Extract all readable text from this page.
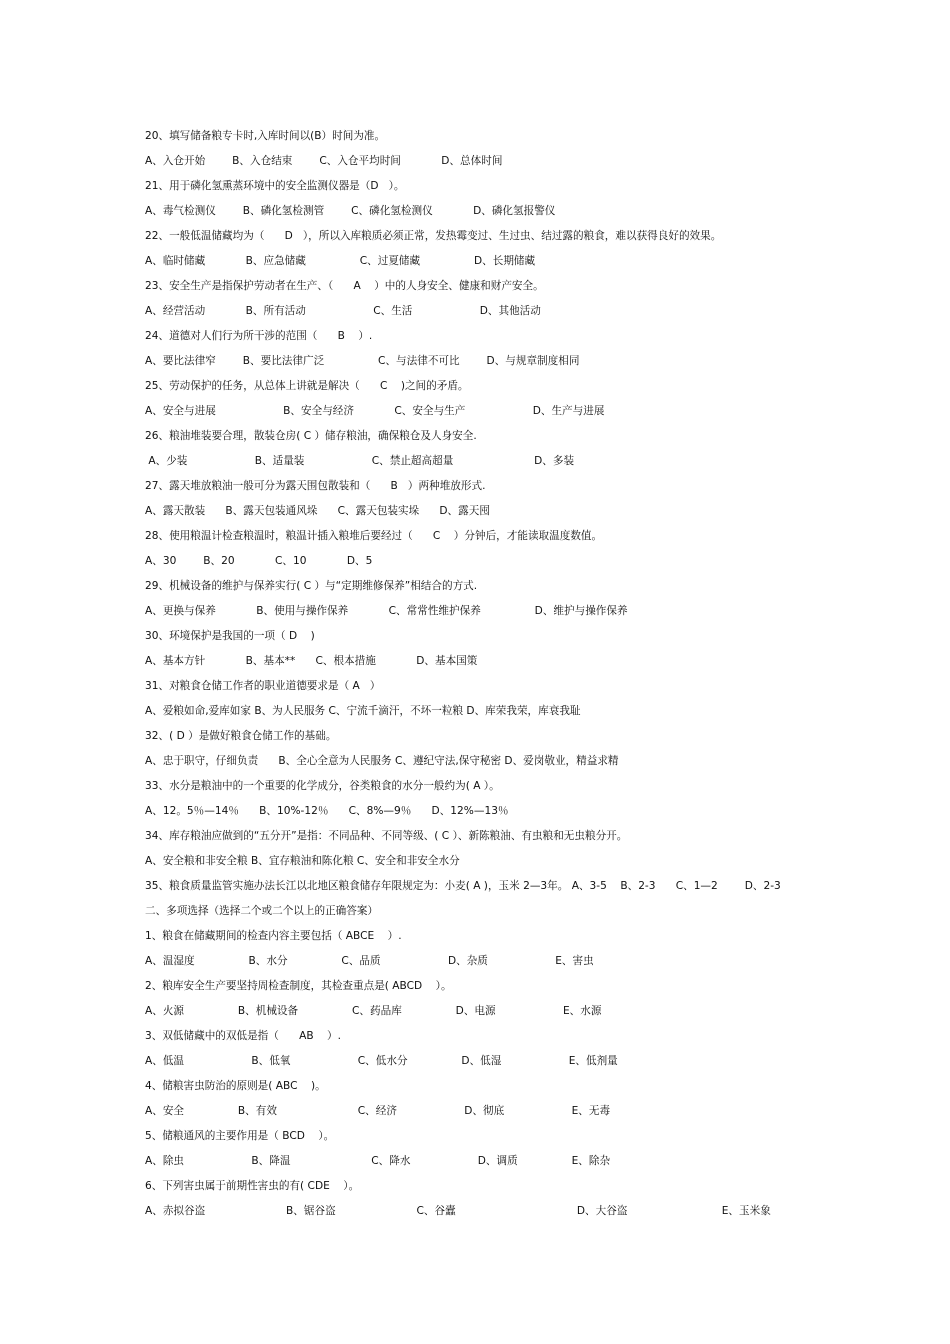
20、填写储备粮专卡时,入库时间以(B）时间为准。
A、入仓开始        B、入仓结束        C、入仓平均时间            D、总体时间
21、用于磷化氢熏蒸环境中的安全监测仪器是（D   ）。
A、毒气检测仪        B、磷化氢检测管        C、磷化氢检测仪            D、磷化氢报警仪
22、一般低温储藏均为（      D   ），所以入库粮质必须正常，发热霉变过、生过虫、结过露的粮食，难以获得良好的效果。
A、临时储藏            B、应急储藏                C、过夏储藏                D、长期储藏
23、安全生产是指保护劳动者在生产、（      A    ）中的人身安全、健康和财产安全。
A、经营活动            B、所有活动                    C、生活                    D、其他活动
24、道德对人们行为所干涉的范围（      B    ）.
A、要比法律窄        B、要比法律广泛                C、与法律不可比        D、与规章制度相同
25、劳动保护的任务，从总体上讲就是解决（      C    )之间的矛盾。
A、安全与进展                    B、安全与经济            C、安全与生产                    D、生产与进展
26、粮油堆装要合理，散装仓房( C ）储存粮油，确保粮仓及人身安全.
A、少装                    B、适量装                    C、禁止超高超量                        D、多装
27、露天堆放粮油一般可分为露天围包散装和（      B   ）两种堆放形式.
A、露天散装      B、露天包装通风垛      C、露天包装实垛      D、露天囤
28、使用粮温计检查粮温时，粮温计插入粮堆后要经过（      C    ）分钟后，才能读取温度数值。
A、30        B、20            C、10            D、5
29、机械设备的维护与保养实行( C ）与“定期维修保养”相结合的方式.
A、更换与保养            B、使用与操作保养            C、常常性维护保养                D、维护与操作保养
30、环境保护是我国的一项（ D    )
A、基本方针            B、基本**      C、根本措施            D、基本国策
31、对粮食仓储工作者的职业道德要求是（ A   ）
A、爱粮如命,爱库如家 B、为人民服务 C、宁流千滴汗，不坏一粒粮 D、库荣我荣，库衰我耻
32、( D ）是做好粮食仓储工作的基础。
A、忠于职守，仔细负责      B、全心全意为人民服务 C、遵纪守法,保守秘密 D、爱岗敬业，精益求精
33、水分是粮油中的一个重要的化学成分，谷类粮食的水分一般约为( A ）。
A、12。5％—14％      B、10%-12％      C、8%—9％      D、12%—13％
34、库存粮油应做到的“五分开”是指：不同品种、不同等级、( C ）、新陈粮油、有虫粮和无虫粮分开。
A、安全粮和非安全粮 B、宜存粮油和陈化粮 C、安全和非安全水分
35、粮食质量监管实施办法长江以北地区粮食储存年限规定为：小麦( A )，玉米 2—3年。 A、3-5    B、2-3      C、1—2        D、2-3
二、多项选择（选择二个或二个以上的正确答案）
1、粮食在储藏期间的检查内容主要包括（ ABCE    ）.
A、温湿度                B、水分                C、品质                    D、杂质                    E、害虫
2、粮库安全生产要坚持周检查制度，其检查重点是( ABCD    ）。
A、火源                B、机械设备                C、药品库                D、电源                    E、水源
3、双低储藏中的双低是指（      AB    ）.
A、低温                    B、低氧                    C、低水分                D、低湿                    E、低剂量
4、储粮害虫防治的原则是( ABC    )。
A、安全                B、有效                        C、经济                    D、彻底                    E、无毒
5、储粮通风的主要作用是（ BCD    ）。
A、除虫                    B、降温                        C、降水                    D、调质                E、除杂
6、下列害虫属于前期性害虫的有( CDE    ）。
A、赤拟谷盗                        B、锯谷盗                        C、谷蠹                                    D、大谷盗                            E、玉米象
